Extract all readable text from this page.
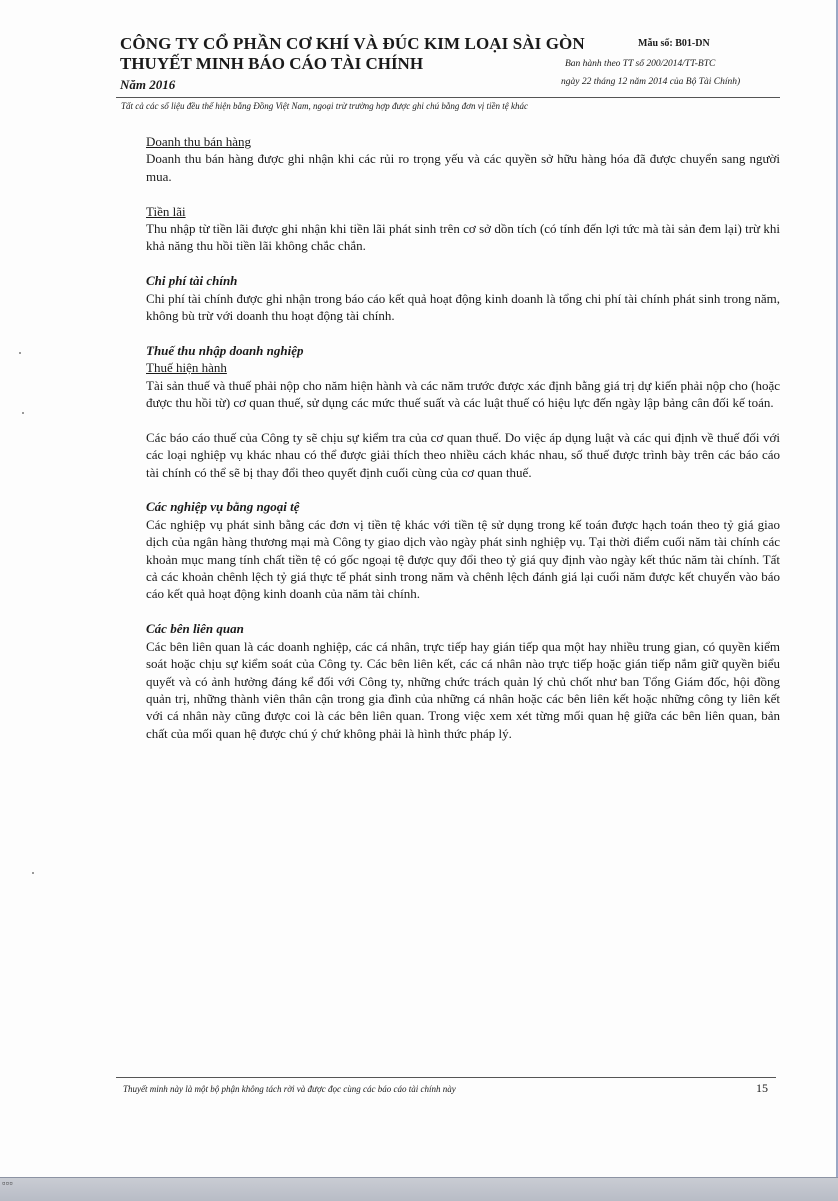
CÔNG TY CỔ PHẦN CƠ KHÍ VÀ ĐÚC KIM LOẠI SÀI GÒN
THUYẾT MINH BÁO CÁO TÀI CHÍNH
Năm 2016
Mẫu số: B01-DN
Ban hành theo TT số 200/2014/TT-BTC
ngày 22 tháng 12 năm 2014 của Bộ Tài Chính)
Tất cả các số liệu đều thể hiện bằng Đồng Việt Nam, ngoại trừ trường hợp được ghi chú bằng đơn vị tiền tệ khác
Doanh thu bán hàng

Doanh thu bán hàng được ghi nhận khi các rủi ro trọng yếu và các quyền sở hữu hàng hóa đã được chuyển sang người mua.

Tiền lãi

Thu nhập từ tiền lãi được ghi nhận khi tiền lãi phát sinh trên cơ sở dồn tích (có tính đến lợi tức mà tài sản đem lại) trừ khi khả năng thu hồi tiền lãi không chắc chắn.

Chi phí tài chính

Chi phí tài chính được ghi nhận trong báo cáo kết quả hoạt động kinh doanh là tổng chi phí tài chính phát sinh trong năm, không bù trừ với doanh thu hoạt động tài chính.

Thuế thu nhập doanh nghiệp
Thuế hiện hành

Tài sản thuế và thuế phải nộp cho năm hiện hành và các năm trước được xác định bằng giá trị dự kiến phải nộp cho (hoặc được thu hồi từ) cơ quan thuế, sử dụng các mức thuế suất và các luật thuế có hiệu lực đến ngày lập bảng cân đối kế toán.

Các báo cáo thuế của Công ty sẽ chịu sự kiểm tra của cơ quan thuế. Do việc áp dụng luật và các qui định về thuế đối với các loại nghiệp vụ khác nhau có thể được giải thích theo nhiều cách khác nhau, số thuế được trình bày trên các báo cáo tài chính có thể sẽ bị thay đổi theo quyết định cuối cùng của cơ quan thuế.

Các nghiệp vụ bằng ngoại tệ

Các nghiệp vụ phát sinh bằng các đơn vị tiền tệ khác với tiền tệ sử dụng trong kế toán được hạch toán theo tỷ giá giao dịch của ngân hàng thương mại mà Công ty giao dịch vào ngày phát sinh nghiệp vụ. Tại thời điểm cuối năm tài chính các khoản mục mang tính chất tiền tệ có gốc ngoại tệ được quy đổi theo tỷ giá quy định vào ngày kết thúc năm tài chính. Tất cả các khoản chênh lệch tỷ giá thực tế phát sinh trong năm và chênh lệch đánh giá lại cuối năm được kết chuyển vào báo cáo kết quả hoạt động kinh doanh của năm tài chính.

Các bên liên quan

Các bên liên quan là các doanh nghiệp, các cá nhân, trực tiếp hay gián tiếp qua một hay nhiều trung gian, có quyền kiểm soát hoặc chịu sự kiểm soát của Công ty. Các bên liên kết, các cá nhân nào trực tiếp hoặc gián tiếp nắm giữ quyền biểu quyết và có ảnh hưởng đáng kể đối với Công ty, những chức trách quản lý chủ chốt như ban Tổng Giám đốc, hội đồng quản trị, những thành viên thân cận trong gia đình của những cá nhân hoặc các bên liên kết hoặc những công ty liên kết với cá nhân này cũng được coi là các bên liên quan. Trong việc xem xét từng mối quan hệ giữa các bên liên quan, bản chất của mối quan hệ được chú ý chứ không phải là hình thức pháp lý.

Thuyết minh này là một bộ phận không tách rời và được đọc cùng các báo cáo tài chính này	15
▫▫▫
